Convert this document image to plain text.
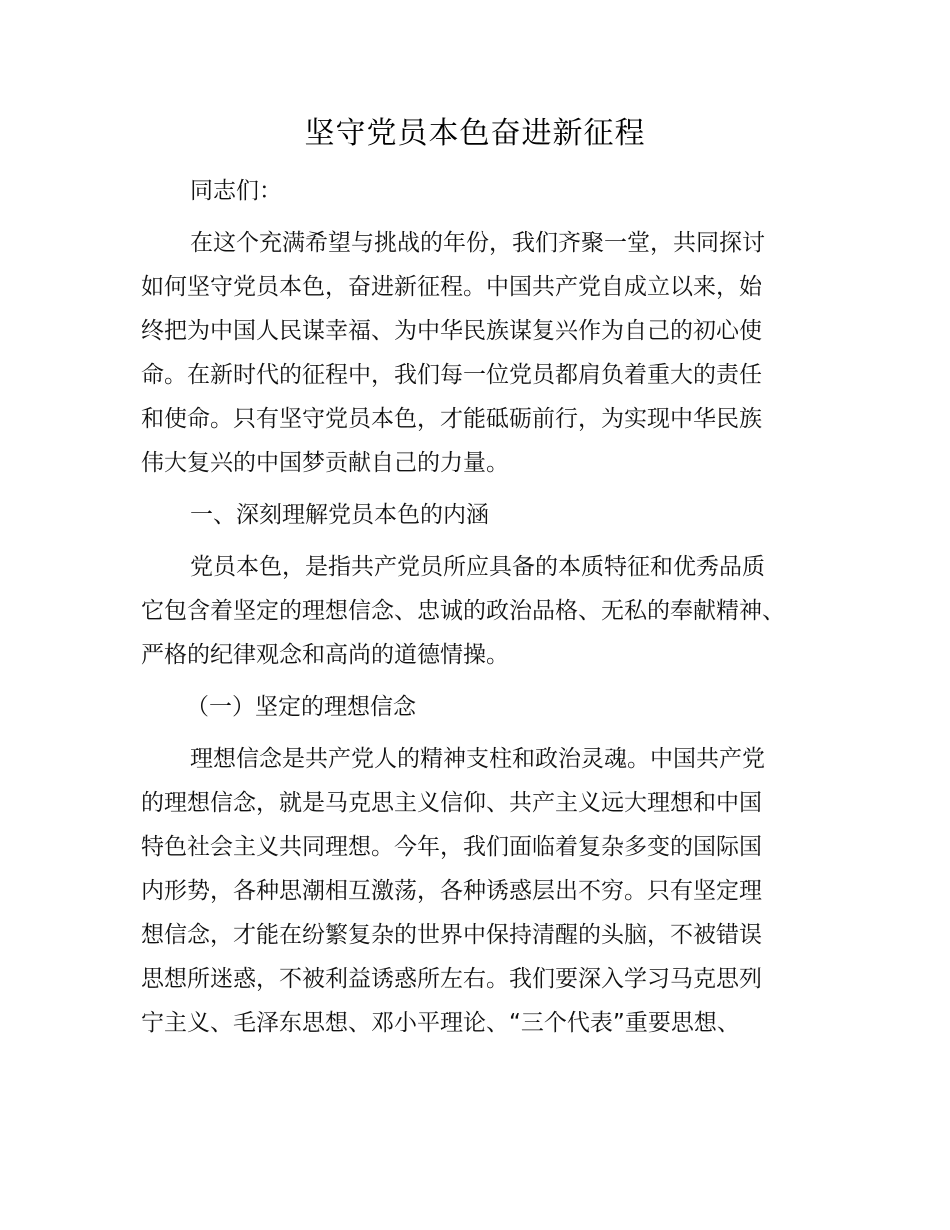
坚守党员本色奋进新征程
同志们：
在这个充满希望与挑战的年份，我们齐聚一堂，共同探讨
如何坚守党员本色，奋进新征程。中国共产党自成立以来，始
终把为中国人民谋幸福、为中华民族谋复兴作为自己的初心使
命。在新时代的征程中，我们每一位党员都肩负着重大的责任
和使命。只有坚守党员本色，才能砥砺前行，为实现中华民族
伟大复兴的中国梦贡献自己的力量。
一、深刻理解党员本色的内涵
党员本色，是指共产党员所应具备的本质特征和优秀品质
它包含着坚定的理想信念、忠诚的政治品格、无私的奉献精神、
严格的纪律观念和高尚的道德情操。
（一）坚定的理想信念
理想信念是共产党人的精神支柱和政治灵魂。中国共产党
的理想信念，就是马克思主义信仰、共产主义远大理想和中国
特色社会主义共同理想。今年，我们面临着复杂多变的国际国
内形势，各种思潮相互激荡，各种诱惑层出不穷。只有坚定理
想信念，才能在纷繁复杂的世界中保持清醒的头脑，不被错误
思想所迷惑，不被利益诱惑所左右。我们要深入学习马克思列
宁主义、毛泽东思想、邓小平理论、“三个代表”重要思想、
